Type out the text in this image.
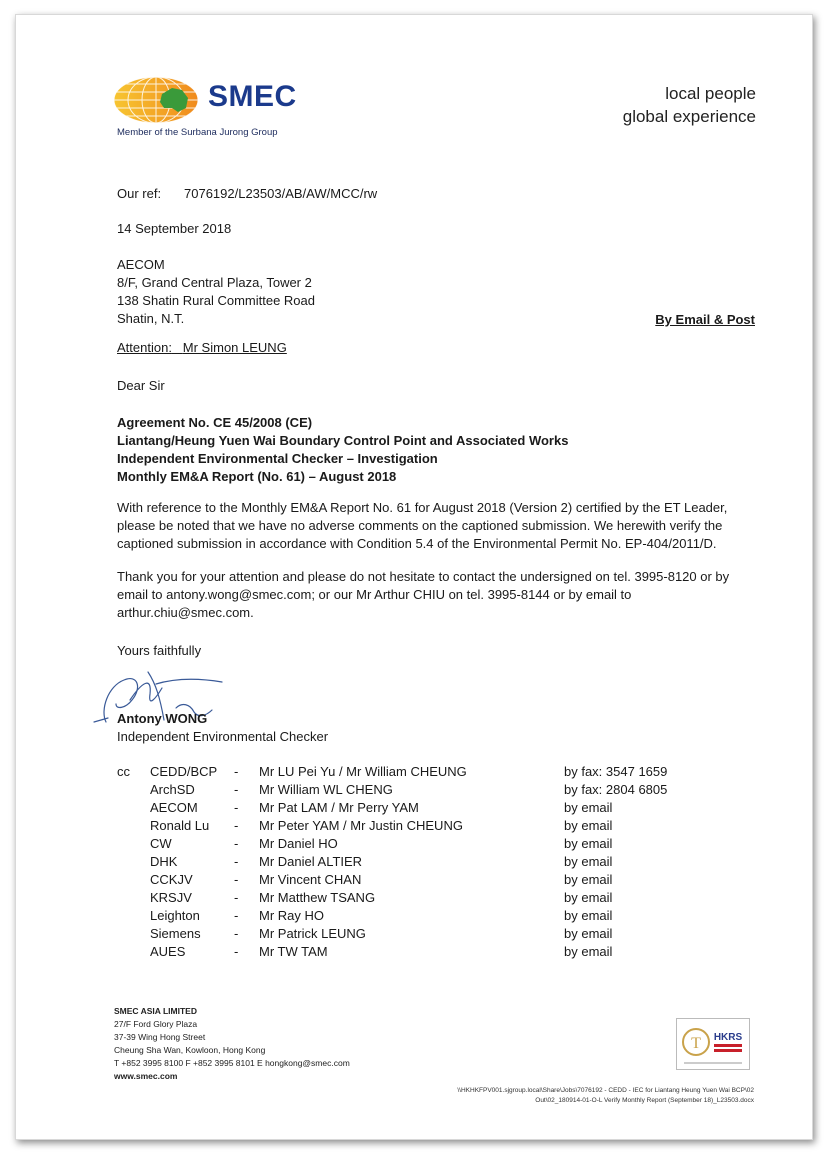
SMEC
Member of the Surbana Jurong Group
local people
global experience
Our ref: 7076192/L23503/AB/AW/MCC/rw
14 September 2018
AECOM
8/F, Grand Central Plaza, Tower 2
138 Shatin Rural Committee Road
Shatin, N.T.	By Email & Post
Attention: Mr Simon LEUNG
Dear Sir
Agreement No. CE 45/2008 (CE)
Liantang/Heung Yuen Wai Boundary Control Point and Associated Works
Independent Environmental Checker – Investigation
Monthly EM&A Report (No. 61) – August 2018
With reference to the Monthly EM&A Report No. 61 for August 2018 (Version 2) certified by the ET Leader,
please be noted that we have no adverse comments on the captioned submission. We herewith verify the
captioned submission in accordance with Condition 5.4 of the Environmental Permit No. EP-404/2011/D.
Thank you for your attention and please do not hesitate to contact the undersigned on tel. 3995-8120 or by
email to antony.wong@smec.com; or our Mr Arthur CHIU on tel. 3995-8144 or by email to
arthur.chiu@smec.com.
Yours faithfully
Antony WONG
Independent Environmental Checker
cc CEDD/BCP - Mr LU Pei Yu / Mr William CHEUNG	by fax: 3547 1659
ArchSD	- Mr William WL CHENG	by fax: 2804 6805
AECOM	- Mr Pat LAM / Mr Perry YAM	by email
Ronald Lu - Mr Peter YAM / Mr Justin CHEUNG	by email
CW	- Mr Daniel HO	by email
DHK	- Mr Daniel ALTIER	by email
CCKJV	- Mr Vincent CHAN	by email
KRSJV	- Mr Matthew TSANG	by email
Leighton	- Mr Ray HO	by email
Siemens	- Mr Patrick LEUNG	by email
AUES	- Mr TW TAM	by email
SMEC ASIA LIMITED
27/F Ford Glory Plaza
37-39 Wing Hong Street
Cheung Sha Wan, Kowloon, Hong Kong
T +852 3995 8100 F +852 3995 8101 E hongkong@smec.com
www.smec.com
T HKRS
\\HKHKFPV001.sjgroup.local\Share\Jobs\7076192 - CEDD - IEC for Liantang Heung Yuen Wai BCP\02
Out\02_180914-01-O-L Verify Monthly Report (September 18)_L23503.docx
